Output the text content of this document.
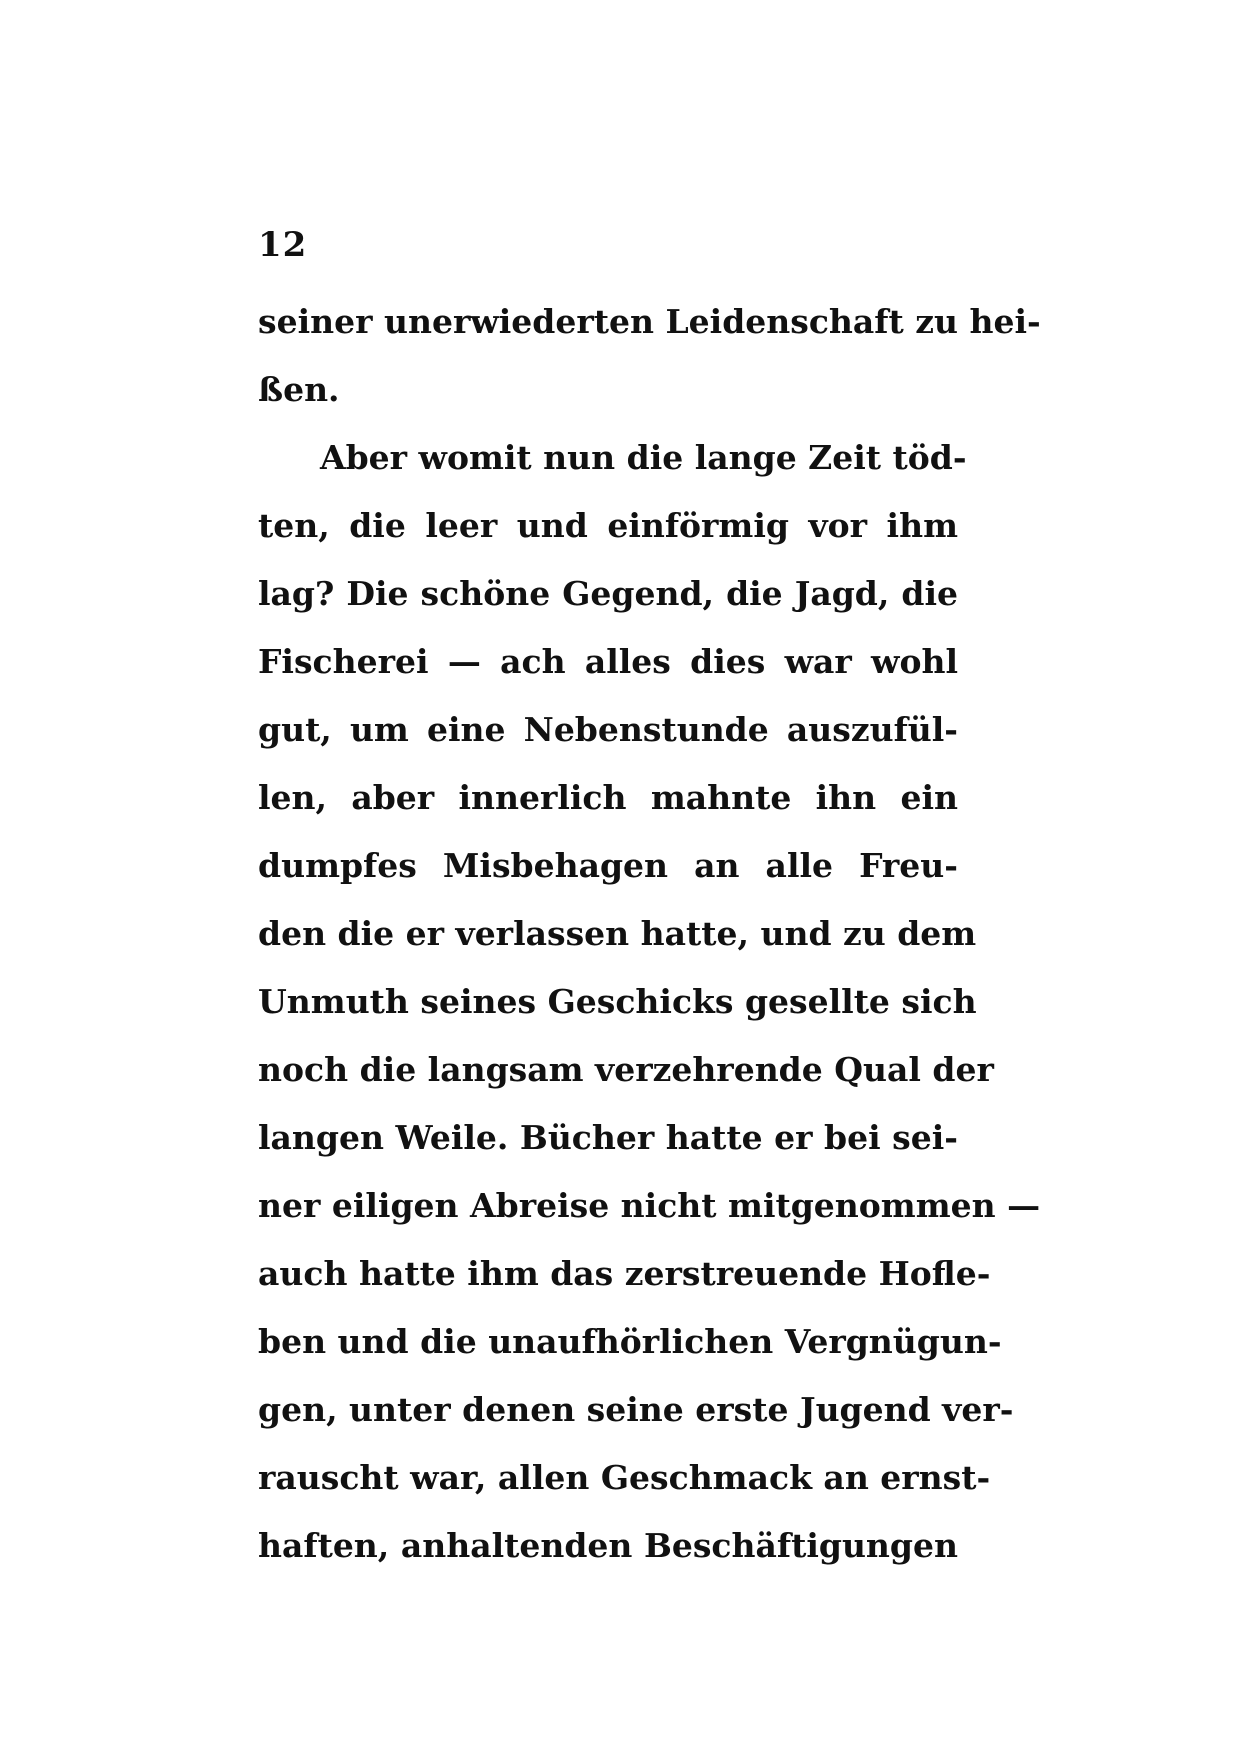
12
seiner unerwiederten Leidenschaft zu hei-
ßen.
Aber womit nun die lange Zeit töd-
ten, die leer und einförmig vor ihm
lag? Die schöne Gegend, die Jagd, die
Fischerei — ach alles dies war wohl
gut, um eine Nebenstunde auszufül-
len, aber innerlich mahnte ihn ein
dumpfes Misbehagen an alle Freu-
den die er verlassen hatte, und zu dem
Unmuth seines Geschicks gesellte sich
noch die langsam verzehrende Qual der
langen Weile. Bücher hatte er bei sei-
ner eiligen Abreise nicht mitgenommen —
auch hatte ihm das zerstreuende Hofle-
ben und die unaufhörlichen Vergnügun-
gen, unter denen seine erste Jugend ver-
rauscht war, allen Geschmack an ernst-
haften, anhaltenden Beschäftigungen
